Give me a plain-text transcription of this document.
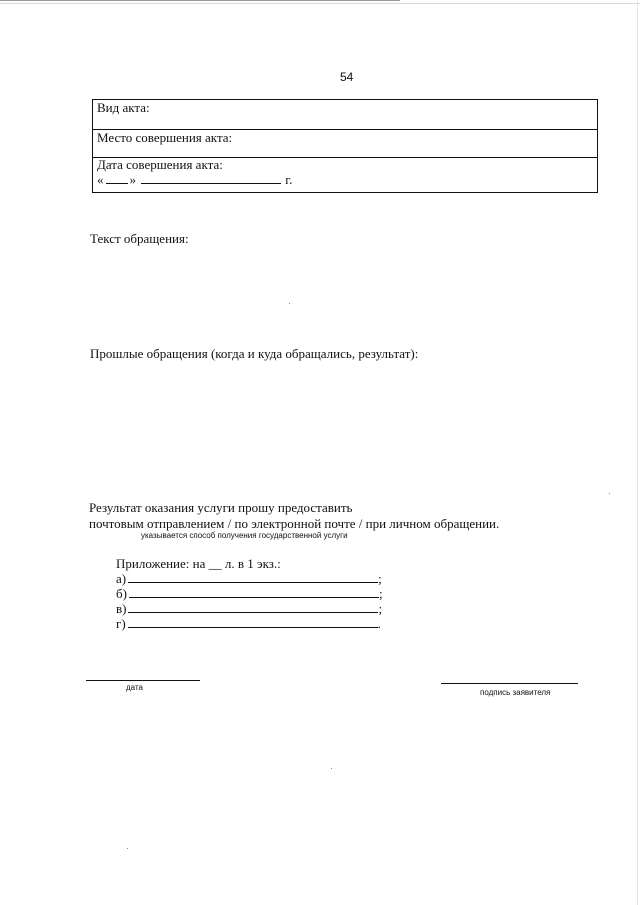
54
Вид акта:
Место совершения акта:
Дата совершения акта:
« »	г.
Текст обращения:
Прошлые обращения (когда и куда обращались, результат):
Результат оказания услуги прошу предоставить
почтовым отправлением / по электронной почте / при личном обращении.
указывается способ получения государственной услуги
Приложение: на __ л. в 1 экз.:
а)	;
б)	;
в)	;
г)	.
дата
подпись заявителя
